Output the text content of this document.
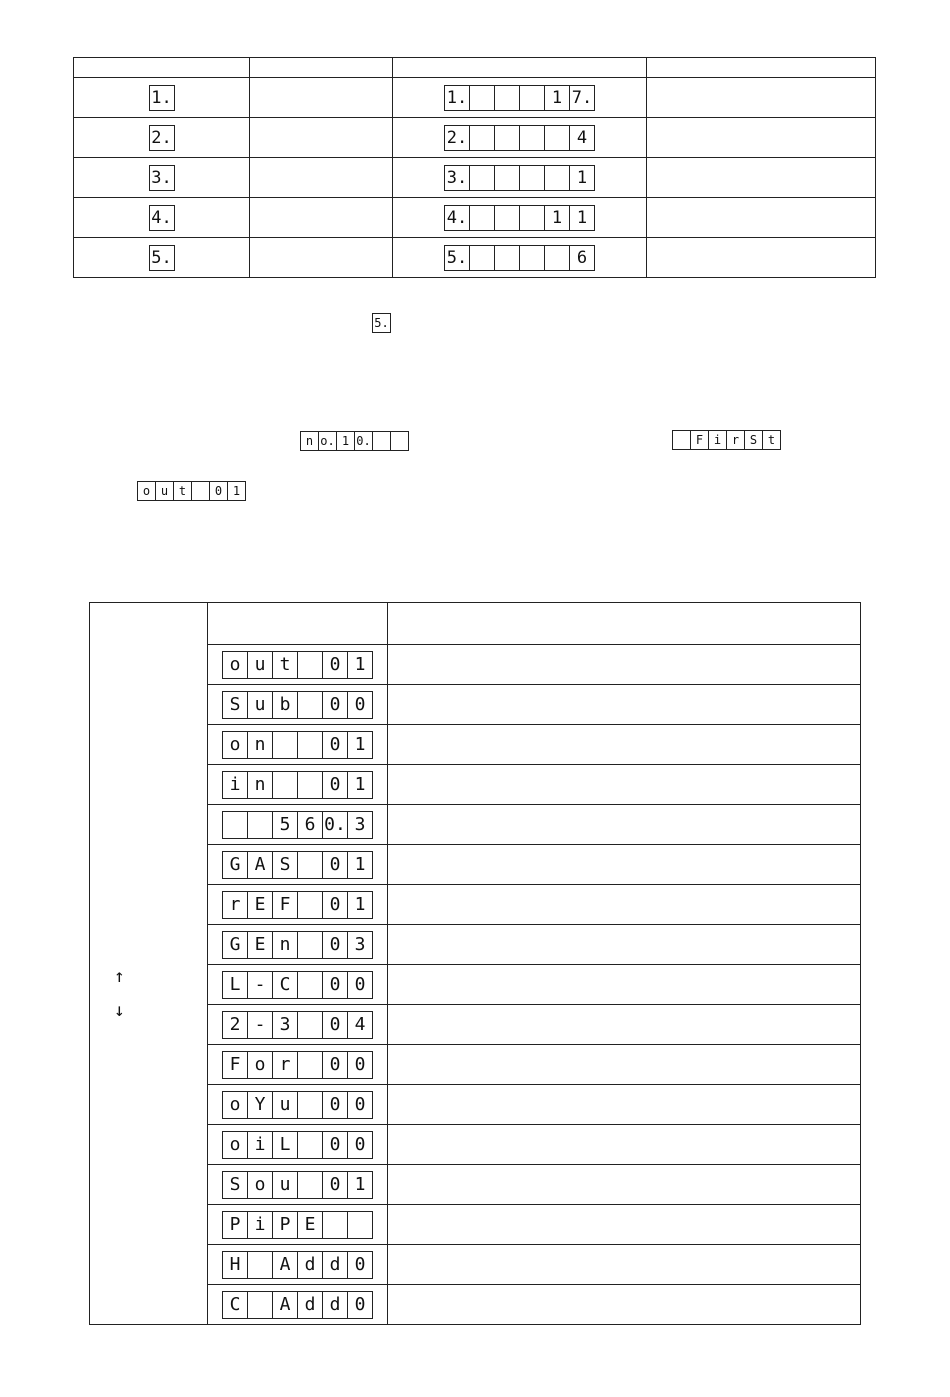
1.		1. 1 7.	

2.		2. 4	

3.		3. 1	

4.		4. 1 1	

5.		5. 6	

5.
n o. 1 0.	F i r S t
o u t	0 1

	o u t 0 1	

	S u b 0 0	

	o n 0 1	

	i n 0 1	

	5 6 0. 3	

	G A S 0 1	

	r E F 0 1	

	G E n 0 3	

	L - C 0 0	

	2 - 3 0 4	

	F o r 0 0	

	o Y u 0 0	

	o i L 0 0	

	S o u 0 1	

	P i P E	

	H A d d 0	

	C A d d 0	

↑
↓
